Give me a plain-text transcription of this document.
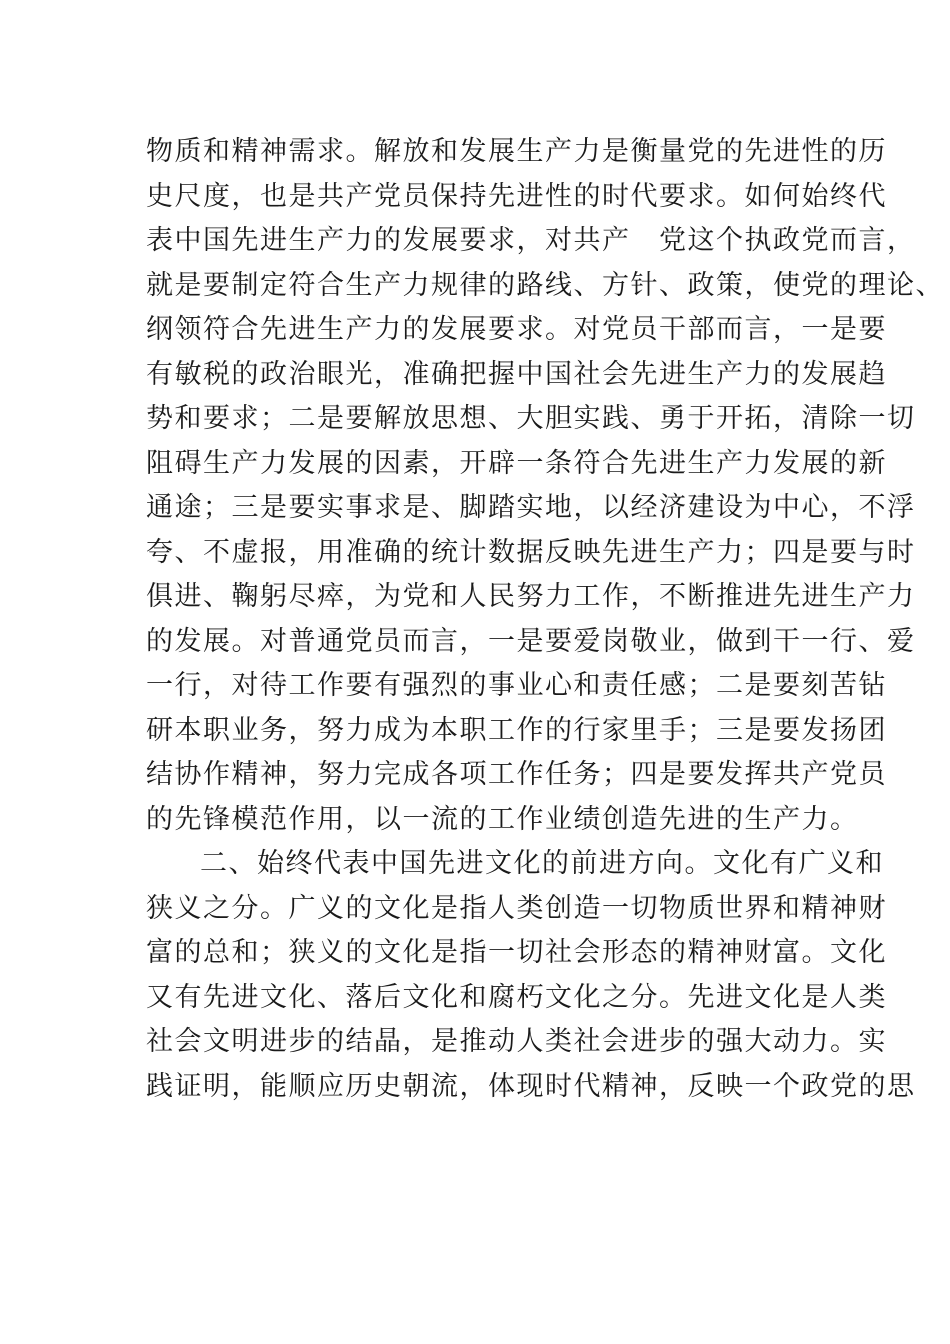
物质和精神需求。解放和发展生产力是衡量党的先进性的历
史尺度，也是共产党员保持先进性的时代要求。如何始终代
表中国先进生产力的发展要求，对共产　党这个执政党而言，
就是要制定符合生产力规律的路线、方针、政策，使党的理论、
纲领符合先进生产力的发展要求。对党员干部而言，一是要
有敏税的政治眼光，准确把握中国社会先进生产力的发展趋
势和要求；二是要解放思想、大胆实践、勇于开拓，清除一切
阻碍生产力发展的因素，开辟一条符合先进生产力发展的新
通途；三是要实事求是、脚踏实地，以经济建设为中心，不浮
夸、不虚报，用准确的统计数据反映先进生产力；四是要与时
俱进、鞠躬尽瘁，为党和人民努力工作，不断推进先进生产力
的发展。对普通党员而言，一是要爱岗敬业，做到干一行、爱
一行，对待工作要有强烈的事业心和责任感；二是要刻苦钻
研本职业务，努力成为本职工作的行家里手；三是要发扬团
结协作精神，努力完成各项工作任务；四是要发挥共产党员
的先锋模范作用，以一流的工作业绩创造先进的生产力。
二、始终代表中国先进文化的前进方向。文化有广义和
狭义之分。广义的文化是指人类创造一切物质世界和精神财
富的总和；狭义的文化是指一切社会形态的精神财富。文化
又有先进文化、落后文化和腐朽文化之分。先进文化是人类
社会文明进步的结晶，是推动人类社会进步的强大动力。实
践证明，能顺应历史朝流，体现时代精神，反映一个政党的思
